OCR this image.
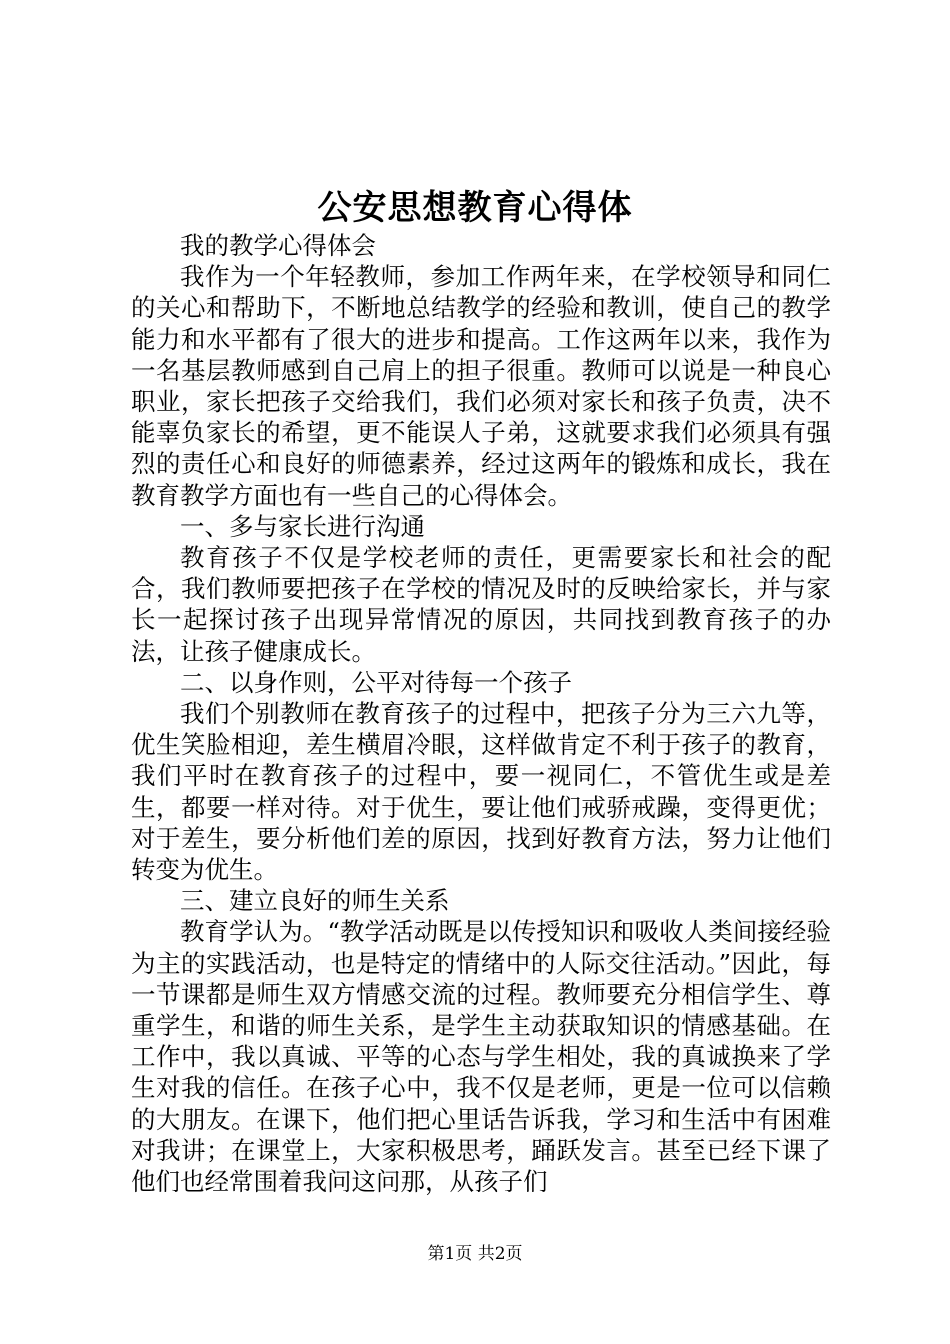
公安思想教育心得体

我的教学心得体会

我作为一个年轻教师，参加工作两年来，在学校领导和同仁的关心和帮助下，不断地总结教学的经验和教训，使自己的教学能力和水平都有了很大的进步和提高。工作这两年以来，我作为一名基层教师感到自己肩上的担子很重。教师可以说是一种良心职业，家长把孩子交给我们，我们必须对家长和孩子负责，决不能辜负家长的希望，更不能误人子弟，这就要求我们必须具有强烈的责任心和良好的师德素养，经过这两年的锻炼和成长，我在教育教学方面也有一些自己的心得体会。

一、多与家长进行沟通

教育孩子不仅是学校老师的责任，更需要家长和社会的配合，我们教师要把孩子在学校的情况及时的反映给家长，并与家长一起探讨孩子出现异常情况的原因，共同找到教育孩子的办法，让孩子健康成长。

二、以身作则，公平对待每一个孩子

我们个别教师在教育孩子的过程中，把孩子分为三六九等，优生笑脸相迎，差生横眉冷眼，这样做肯定不利于孩子的教育，我们平时在教育孩子的过程中，要一视同仁，不管优生或是差生，都要一样对待。对于优生，要让他们戒骄戒躁，变得更优；对于差生，要分析他们差的原因，找到好教育方法，努力让他们转变为优生。

三、建立良好的师生关系

教育学认为。“教学活动既是以传授知识和吸收人类间接经验为主的实践活动，也是特定的情绪中的人际交往活动。”因此，每一节课都是师生双方情感交流的过程。教师要充分相信学生、尊重学生，和谐的师生关系，是学生主动获取知识的情感基础。在工作中，我以真诚、平等的心态与学生相处，我的真诚换来了学生对我的信任。在孩子心中，我不仅是老师，更是一位可以信赖的大朋友。在课下，他们把心里话告诉我，学习和生活中有困难对我讲；在课堂上，大家积极思考，踊跃发言。甚至已经下课了他们也经常围着我问这问那，从孩子们

第1页 共2页
